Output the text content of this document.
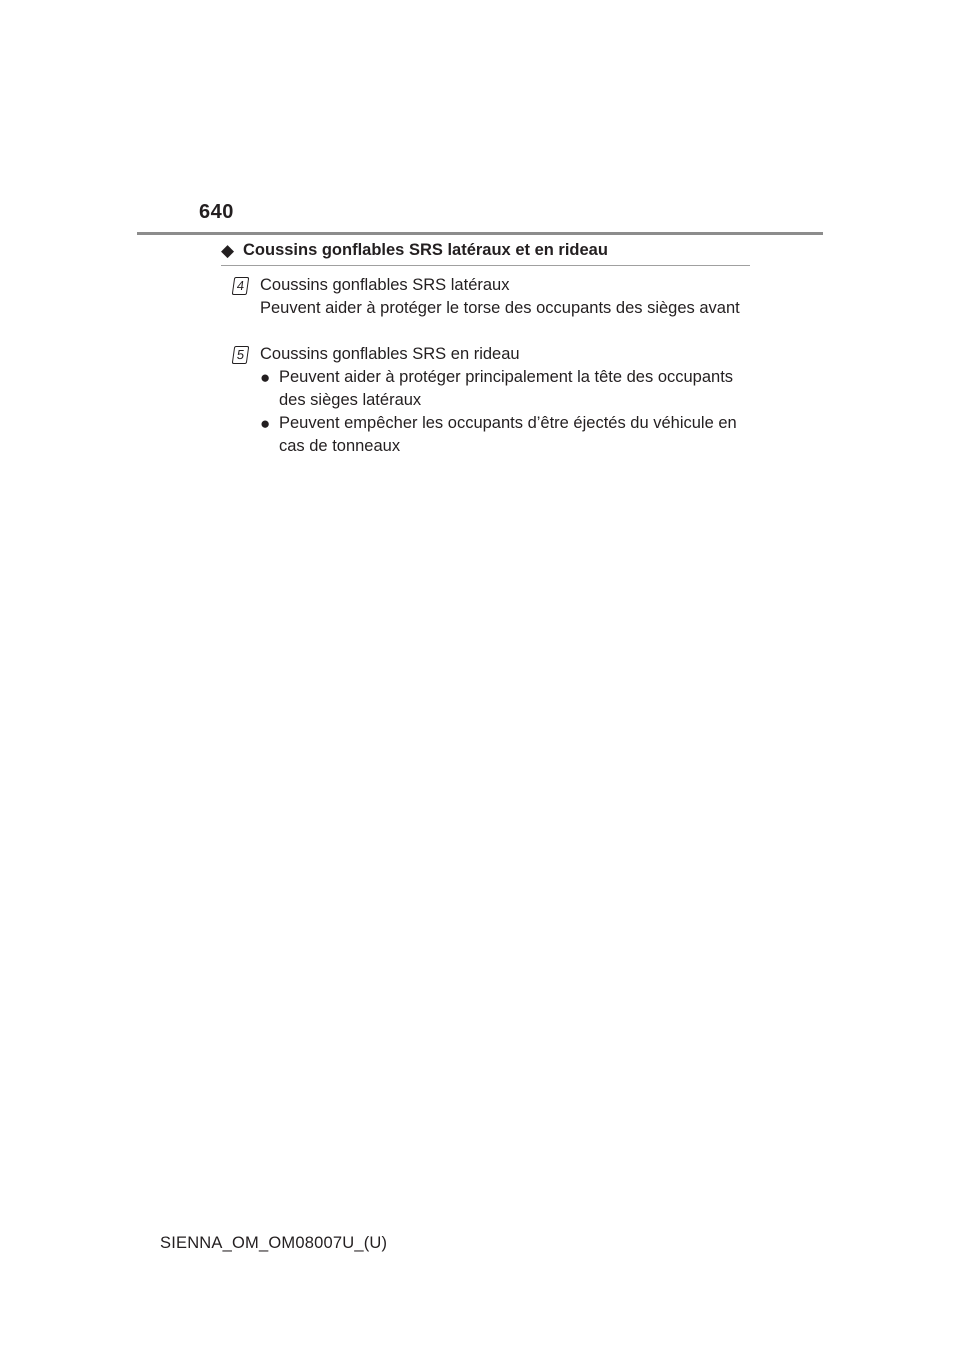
640
◆ Coussins gonflables SRS latéraux et en rideau
4 Coussins gonflables SRS latéraux
Peuvent aider à protéger le torse des occupants des sièges avant
5 Coussins gonflables SRS en rideau
● Peuvent aider à protéger principalement la tête des occupants des sièges latéraux
● Peuvent empêcher les occupants d’être éjectés du véhicule en cas de tonneaux
SIENNA_OM_OM08007U_(U)
